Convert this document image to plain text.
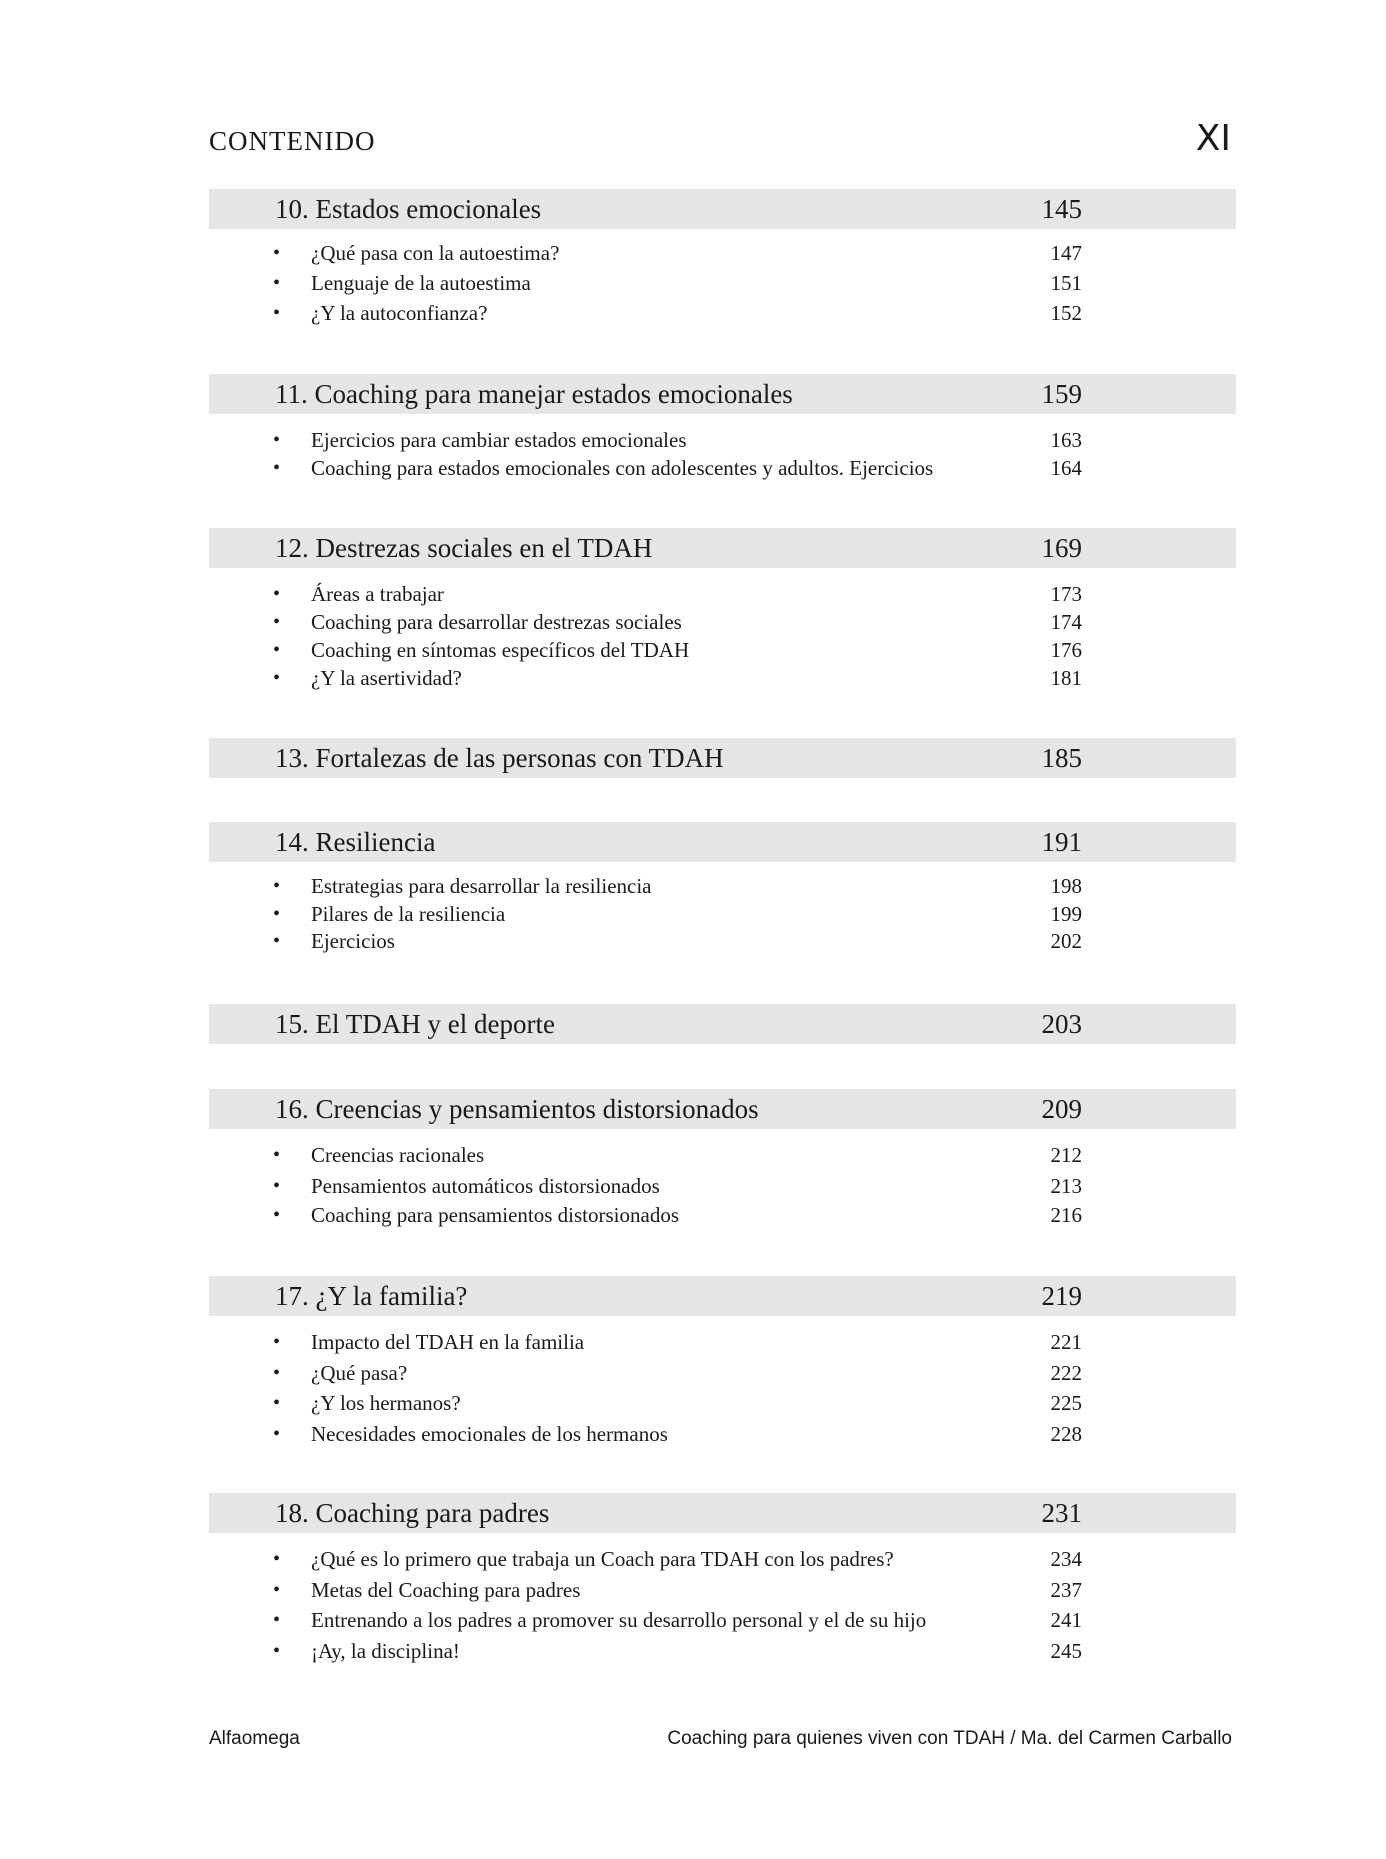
CONTENIDO	XI
10. Estados emocionales	145
• ¿Qué pasa con la autoestima?	147
• Lenguaje de la autoestima	151
• ¿Y la autoconfianza?	152
11. Coaching para manejar estados emocionales	159
• Ejercicios para cambiar estados emocionales	163
• Coaching para estados emocionales con adolescentes y adultos. Ejercicios	164
12. Destrezas sociales en el TDAH	169
• Áreas a trabajar	173
• Coaching para desarrollar destrezas sociales	174
• Coaching en síntomas específicos del TDAH	176
• ¿Y la asertividad?	181
13. Fortalezas de las personas con TDAH	185
14. Resiliencia	191
• Estrategias para desarrollar la resiliencia	198
• Pilares de la resiliencia	199
• Ejercicios	202
15. El TDAH y el deporte	203
16. Creencias y pensamientos distorsionados	209
• Creencias racionales	212
• Pensamientos automáticos distorsionados	213
• Coaching para pensamientos distorsionados	216
17. ¿Y la familia?	219
• Impacto del TDAH en la familia	221
• ¿Qué pasa?	222
• ¿Y los hermanos?	225
• Necesidades emocionales de los hermanos	228
18. Coaching para padres	231
• ¿Qué es lo primero que trabaja un Coach para TDAH con los padres?	234
• Metas del Coaching para padres	237
• Entrenando a los padres a promover su desarrollo personal y el de su hijo	241
• ¡Ay, la disciplina!	245
Alfaomega	Coaching para quienes viven con TDAH / Ma. del Carmen Carballo
